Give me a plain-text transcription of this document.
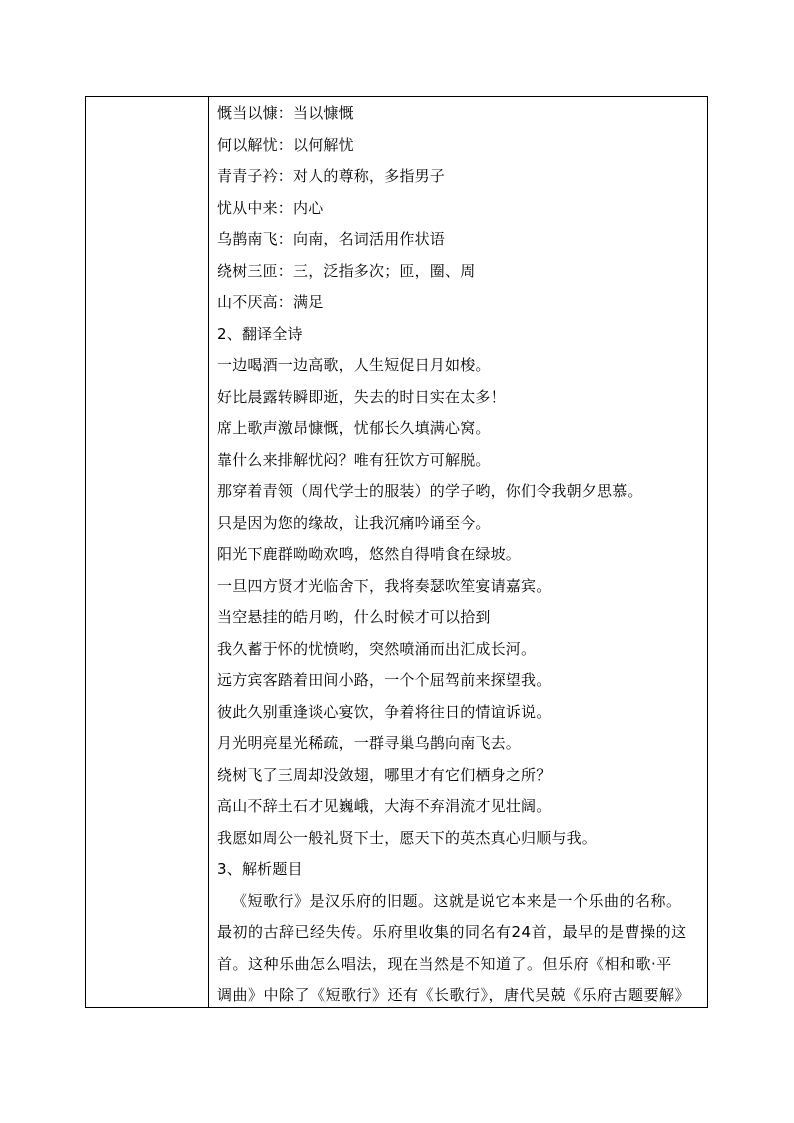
慨当以慷：当以慷慨
何以解忧：以何解忧
青青子衿：对人的尊称，多指男子
忧从中来：内心
乌鹊南飞：向南，名词活用作状语
绕树三匝：三，泛指多次；匝，圈、周
山不厌高：满足
2、翻译全诗
一边喝酒一边高歌，人生短促日月如梭。
好比晨露转瞬即逝，失去的时日实在太多！
席上歌声激昂慷慨，忧郁长久填满心窝。
靠什么来排解忧闷？唯有狂饮方可解脱。
那穿着青领（周代学士的服装）的学子哟，你们令我朝夕思慕。
只是因为您的缘故，让我沉痛吟诵至今。
阳光下鹿群呦呦欢鸣，悠然自得啃食在绿坡。
一旦四方贤才光临舍下，我将奏瑟吹笙宴请嘉宾。
当空悬挂的皓月哟，什么时候才可以拾到
我久蓄于怀的忧愤哟，突然喷涌而出汇成长河。
远方宾客踏着田间小路，一个个屈驾前来探望我。
彼此久别重逢谈心宴饮，争着将往日的情谊诉说。
月光明亮星光稀疏，一群寻巢乌鹊向南飞去。
绕树飞了三周却没敛翅，哪里才有它们栖身之所？
高山不辞土石才见巍峨，大海不弃涓流才见壮阔。
我愿如周公一般礼贤下士，愿天下的英杰真心归顺与我。
3、解析题目
《短歌行》是汉乐府的旧题。这就是说它本来是一个乐曲的名称。
最初的古辞已经失传。乐府里收集的同名有24首，最早的是曹操的这
首。这种乐曲怎么唱法，现在当然是不知道了。但乐府《相和歌·平
调曲》中除了《短歌行》还有《长歌行》，唐代吴兢《乐府古题要解》
